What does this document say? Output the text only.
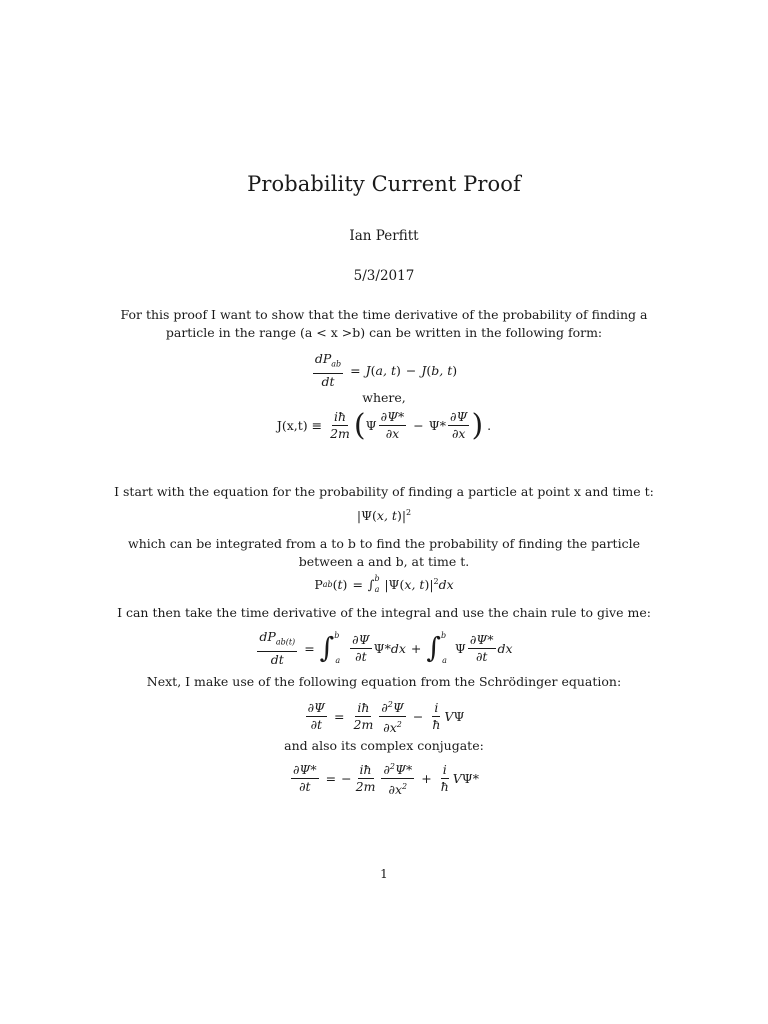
Probability Current Proof
Ian Perfitt
5/3/2017
For this proof I want to show that the time derivative of the probability of finding a particle in the range (a < x >b) can be written in the following form:
$\frac{dP_{ab}}{dt} = J$ ( a, t ) − J ( b, t )
where,
$J(x,t) \equiv \frac{iħ}{2m}$ ( Ψ $\frac{\partial\Psi*}{\partial x} - \Psi* \frac{\partial\Psi}{\partial x}$ ) .
I start with the equation for the probability of finding a particle at point x and time t:
|Ψ(x, $t)|^2$
which can be integrated from a to b to find the probability of finding the particle between a and b, at time t.
P ab ( t ) = ∫ b
a |Ψ(x, $t)|^2dx$
I can then take the time derivative of the integral and use the chain rule to give me:
$\frac{dP_{ab(t)}}{dt}$ = ∫ b
a $\frac{\partial\Psi}{\partial t} \Psi*dx$ + ∫ b
a
Ψ $\frac{\partial\Psi*}{\partial t}$ dx
Next, I make use of the following equation from the Schrödinger equation:
$\frac{\partial\Psi}{\partial t} = \frac{iħ}{2m} \frac{\partial^2\Psi}{\partial x^2} - \frac{i}{ħ}$ VΨ
and also its complex conjugate:
$\frac{\partial\Psi*}{\partial t}$ = − $\frac{iħ}{2m} \frac{\partial^2\Psi*}{\partial x^2} + \frac{i}{ħ} V\Psi*$
1
